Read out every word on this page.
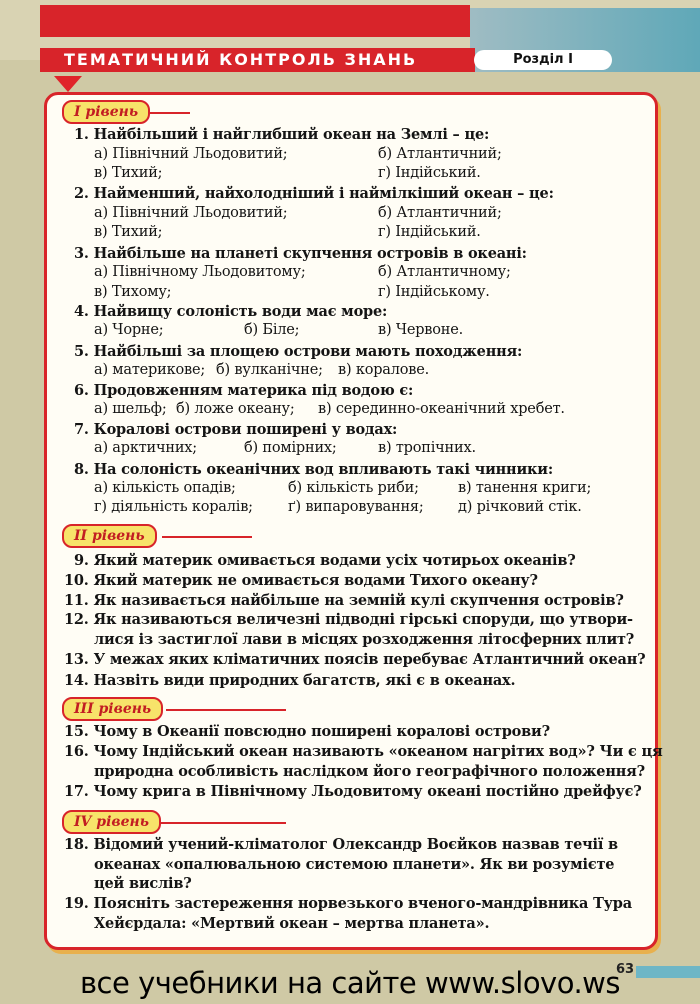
ТЕМАТИЧНИЙ КОНТРОЛЬ ЗНАНЬ	Розділ I
I рівень
1. Найбільший і найглибший океан на Землі – це:
а) Північний Льодовитий;	б) Атлантичний;
в) Тихий;	г) Індійський.
2. Найменший, найхолодніший і наймілкіший океан – це:
а) Північний Льодовитий;	б) Атлантичний;
в) Тихий;	г) Індійський.
3. Найбільше на планеті скупчення островів в океані:
а) Північному Льодовитому;	б) Атлантичному;
в) Тихому;	г) Індійському.
4. Найвищу солоність води має море:
а) Чорне;	б) Біле;	в) Червоне.
5. Найбільші за площею острови мають походження:
а) материкове; б) вулканічне; в) коралове.
6. Продовженням материка під водою є:
а) шельф; б) ложе океану; в) серединно-океанічний хребет.
7. Коралові острови поширені у водах:
а) арктичних;	б) помірних;	в) тропічних.
8. На солоність океанічних вод впливають такі чинники:
а) кількість опадів;	б) кількість риби;	в) танення криги;
г) діяльність коралів; ґ) випаровування; д) річковий стік.
II рівень
9. Який материк омивається водами усіх чотирьох океанів?
10. Який материк не омивається водами Тихого океану?
11. Як називається найбільше на земній кулі скупчення островів?
12. Як називаються величезні підводні гірські споруди, що утвори-
лися із застиглої лави в місцях розходження літосферних плит?
13. У межах яких кліматичних поясів перебуває Атлантичний океан?
14. Назвіть види природних багатств, які є в океанах.
III рівень
15. Чому в Океанії повсюдно поширені коралові острови?
16. Чому Індійський океан називають «океаном нагрітих вод»? Чи є ця
природна особливість наслідком його географічного положення?
17. Чому крига в Північному Льодовитому океані постійно дрейфує?
IV рівень
18. Відомий учений-кліматолог Олександр Воєйков назвав течії в
океанах «опалювальною системою планети». Як ви розумієте
цей вислів?
19. Поясніть застереження норвезького вченого-мандрівника Тура
Хейєрдала: «Мертвий океан – мертва планета».
63
все учебники на сайте www.slovo.ws
